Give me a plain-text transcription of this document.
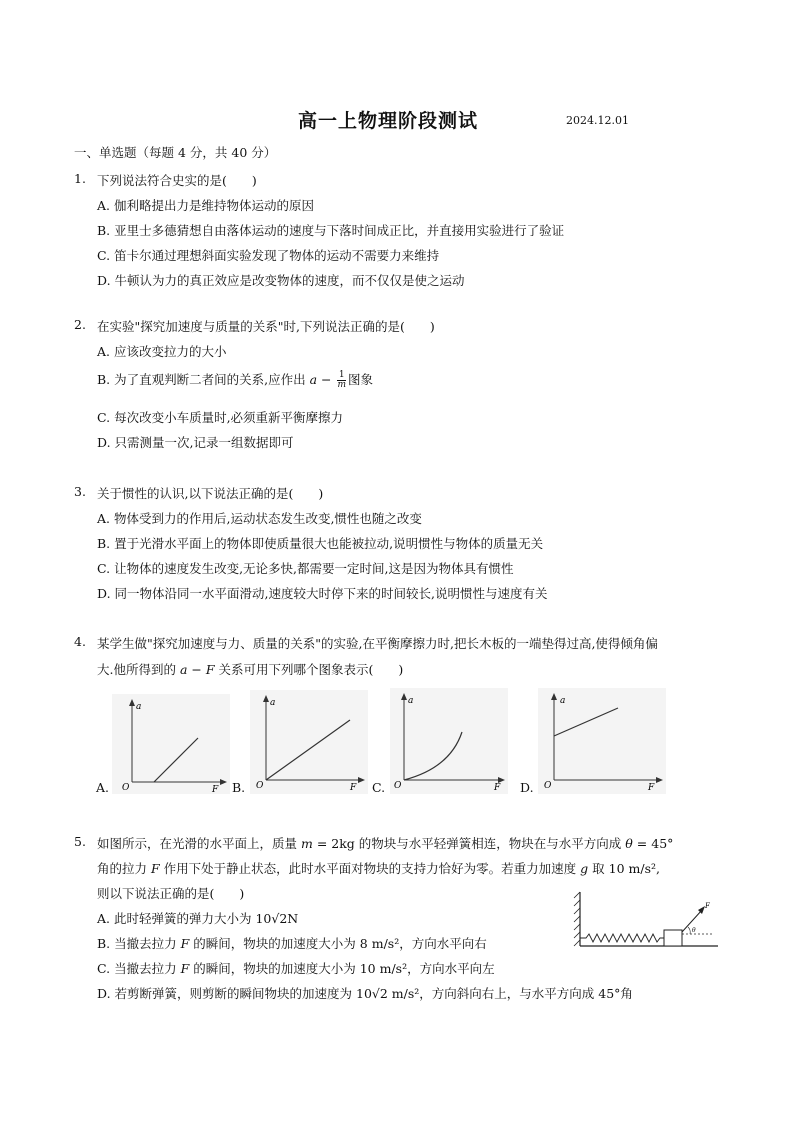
高一上物理阶段测试	2024.12.01
一、单选题（每题 4 分，共 40 分）
1. 下列说法符合史实的是(　　)
A. 伽利略提出力是维持物体运动的原因
B. 亚里士多德猜想自由落体运动的速度与下落时间成正比，并直接用实验进行了验证
C. 笛卡尔通过理想斜面实验发现了物体的运动不需要力来维持
D. 牛顿认为力的真正效应是改变物体的速度，而不仅仅是使之运动
2. 在实验"探究加速度与质量的关系"时,下列说法正确的是(　　)
A. 应该改变拉力的大小
B. 为了直观判断二者间的关系,应作出 $a - \frac{1}{m}$ 图象
C. 每次改变小车质量时,必须重新平衡摩擦力
D. 只需测量一次,记录一组数据即可
3. 关于惯性的认识,以下说法正确的是(　　)
A. 物体受到力的作用后,运动状态发生改变,惯性也随之改变
B. 置于光滑水平面上的物体即使质量很大也能被拉动,说明惯性与物体的质量无关
C. 让物体的速度发生改变,无论多快,都需要一定时间,这是因为物体具有惯性
D. 同一物体沿同一水平面滑动,速度较大时停下来的时间较长,说明惯性与速度有关
4. 某学生做"探究加速度与力、质量的关系"的实验,在平衡摩擦力时,把长木板的一端垫得过高,使得倾角偏
大.他所得到的 a − F 关系可用下列哪个图象表示(　　)
A.
a
O	F B.
a
O	F C.
a
O	F D.
a
O	F
5. 如图所示，在光滑的水平面上，质量 m = 2kg 的物块与水平轻弹簧相连，物块在与水平方向成 θ = 45°
角的拉力 F 作用下处于静止状态，此时水平面对物块的支持力恰好为零。若重力加速度 g 取 10 m/s²,
则以下说法正确的是(　　)
A. 此时轻弹簧的弹力大小为 10√2N
B. 当撤去拉力 F 的瞬间，物块的加速度大小为 8 m/s²，方向水平向右
C. 当撤去拉力 F 的瞬间，物块的加速度大小为 10 m/s²，方向水平向左
D. 若剪断弹簧，则剪断的瞬间物块的加速度为 10√2 m/s²，方向斜向右上，与水平方向成 45°角
F
θ
